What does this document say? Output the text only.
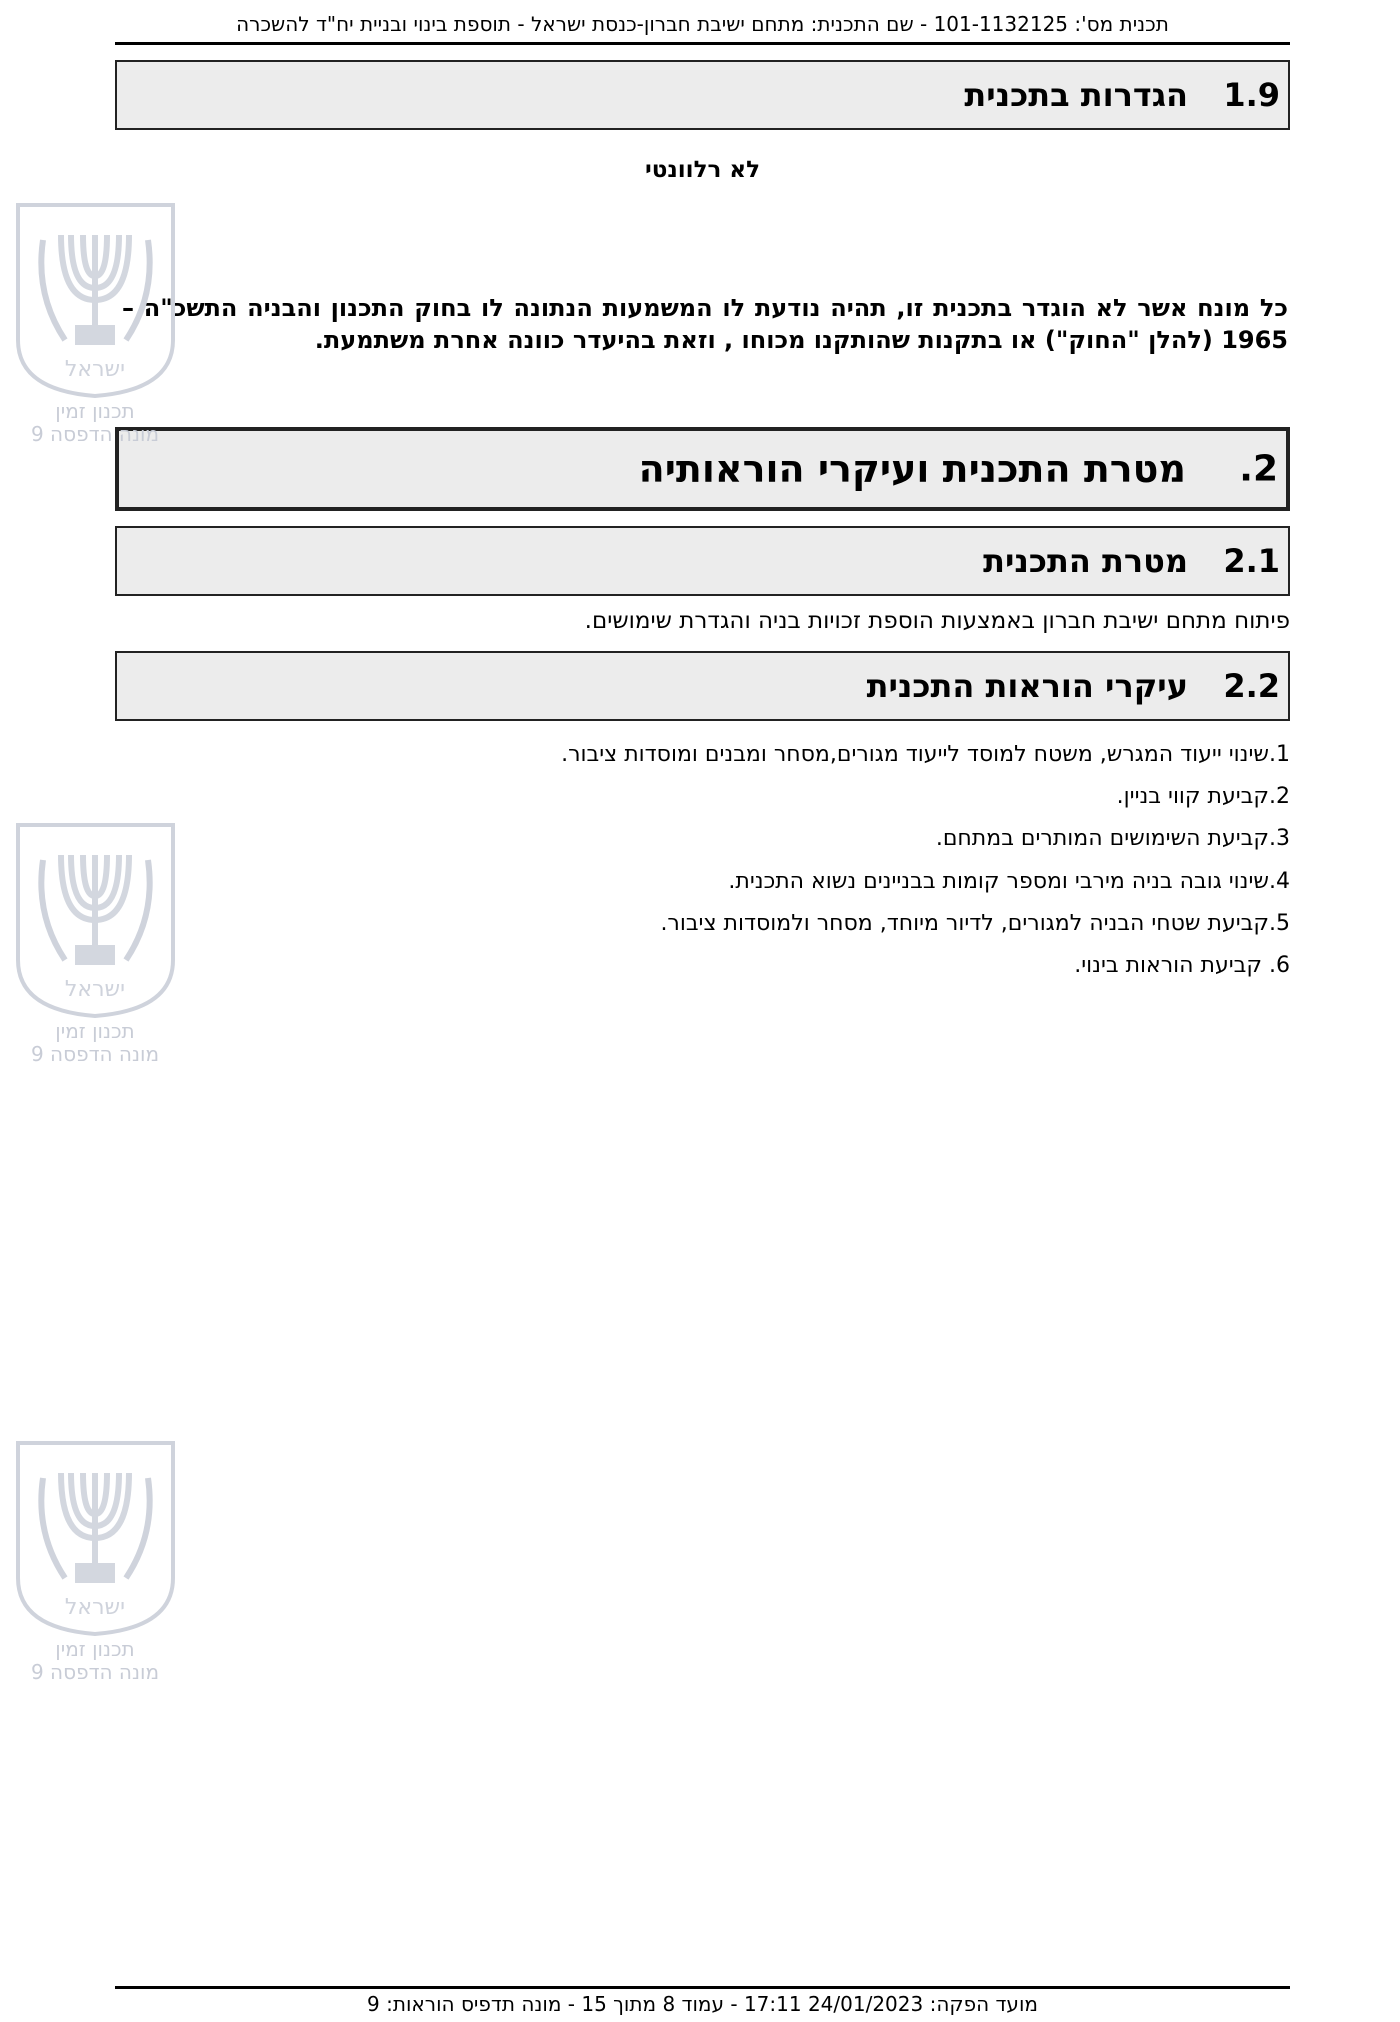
תכנית מס': 101-1132125 - שם התכנית: מתחם ישיבת חברון-כנסת ישראל - תוספת בינוי ובניית יח"ד להשכרה
1.9
הגדרות בתכנית
לא רלוונטי
כל מונח אשר לא הוגדר בתכנית זו, תהיה נודעת לו המשמעות הנתונה לו בחוק התכנון והבניה התשכ"ה – 1965 (להלן "החוק") או בתקנות שהותקנו מכוחו , וזאת בהיעדר כוונה אחרת משתמעת.
2.
מטרת התכנית ועיקרי הוראותיה
2.1
מטרת התכנית
פיתוח מתחם ישיבת חברון באמצעות הוספת זכויות בניה והגדרת שימושים.
2.2
עיקרי הוראות התכנית
1.שינוי ייעוד המגרש, משטח למוסד לייעוד מגורים,מסחר ומבנים ומוסדות ציבור.
2.קביעת קווי בניין.
3.קביעת השימושים המותרים במתחם.
4.שינוי גובה בניה מירבי ומספר קומות בבניינים נשוא התכנית.
5.קביעת שטחי הבניה למגורים, לדיור מיוחד, מסחר ולמוסדות ציבור.
6. קביעת הוראות בינוי.
ישראל
תכנון זמין
מונה הדפסה 9
ישראל
תכנון זמין
מונה הדפסה 9
ישראל
תכנון זמין
מונה הדפסה 9
מועד הפקה: 24/01/2023 17:11 - עמוד 8 מתוך 15 - מונה תדפיס הוראות: 9
